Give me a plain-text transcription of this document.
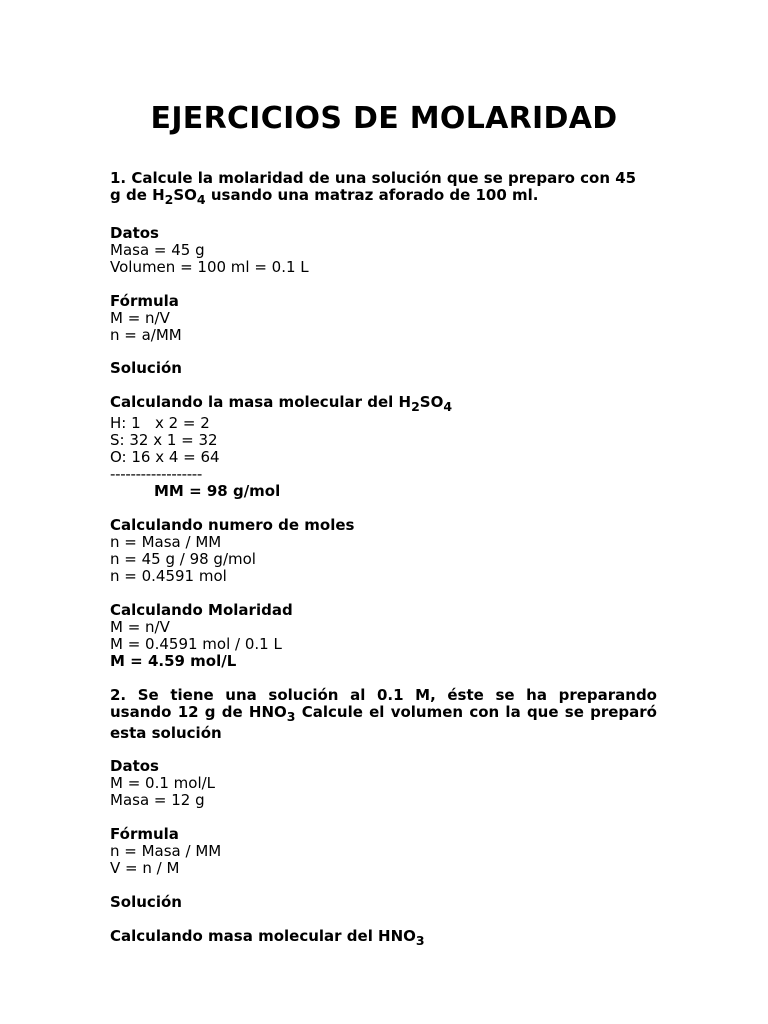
EJERCICIOS DE MOLARIDAD
1. Calcule la molaridad de una solución que se preparo con 45
g de $H_2SO_4$ usando una matraz aforado de 100 ml.
Datos
Masa = 45 g
Volumen = 100 ml = 0.1 L
Fórmula
M = n/V
n = a/MM
Solución
Calculando la masa molecular del $H_2SO_4$
H: 1   x 2 = 2
S: 32 x 1 = 32
O: 16 x 4 = 64
------------------
MM = 98 g/mol
Calculando numero de moles
n = Masa / MM
n = 45 g / 98 g/mol
n = 0.4591 mol
Calculando Molaridad
M = n/V
M = 0.4591 mol / 0.1 L
M = 4.59 mol/L
2. Se tiene una solución al 0.1 M, éste se ha preparando
usando 12 g de $HNO_3$ Calcule el volumen con la que se preparó
esta solución
Datos
M = 0.1 mol/L
Masa = 12 g
Fórmula
n = Masa / MM
V = n / M
Solución
Calculando masa molecular del $HNO_3$
